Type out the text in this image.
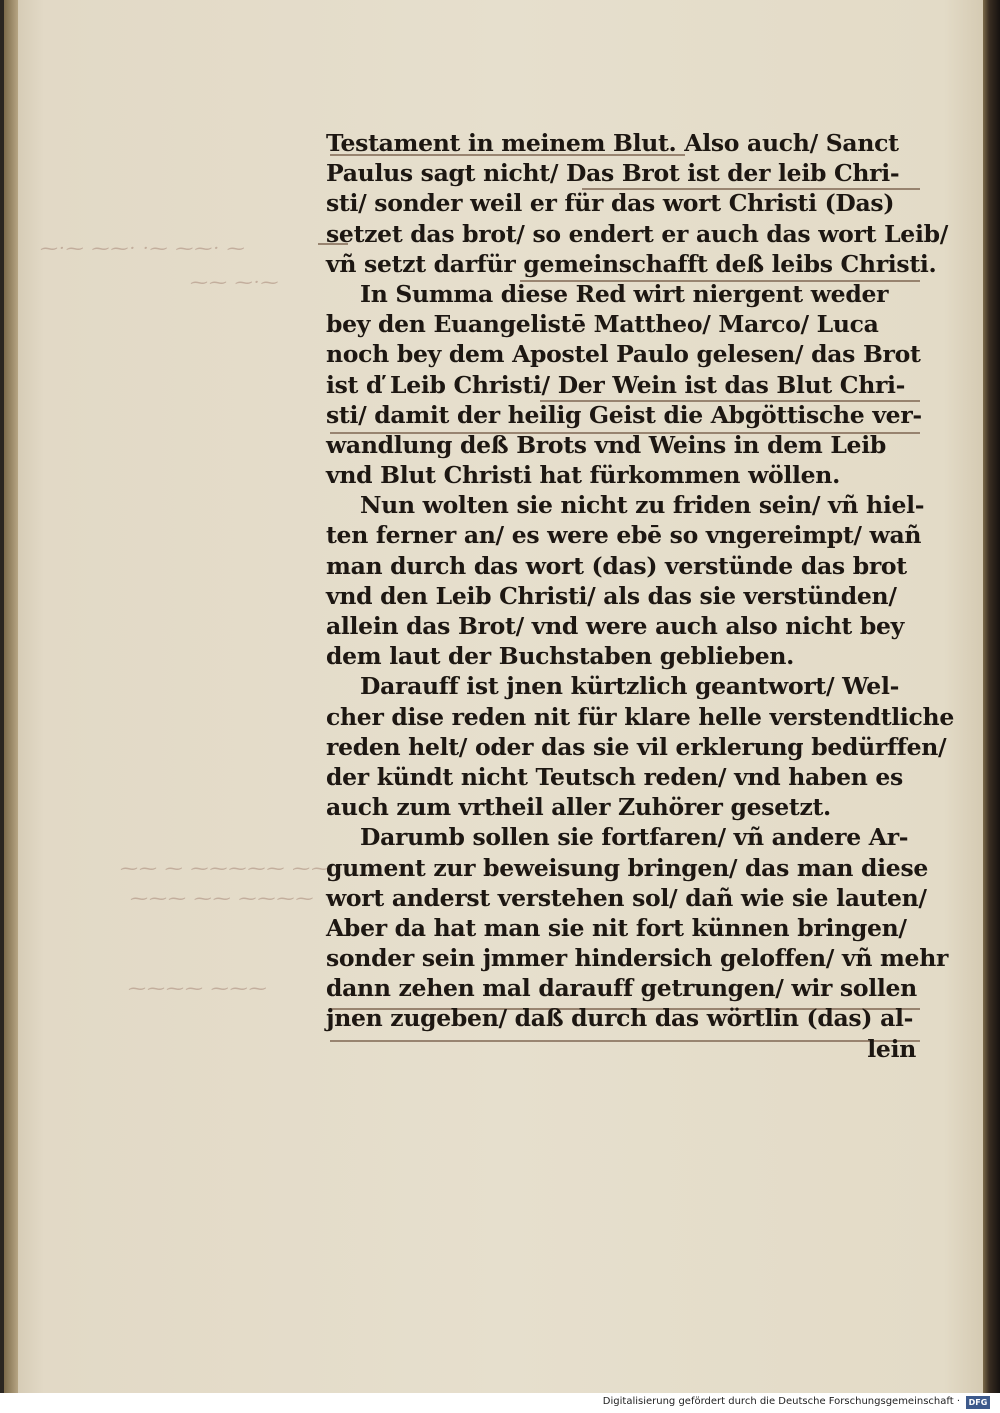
⁓·⁓ ⁓⁓· ·⁓ ⁓⁓· ⁓
⁓⁓ ⁓·⁓
⁓⁓ ⁓ ⁓⁓⁓⁓⁓ ⁓⁓
⁓⁓⁓ ⁓⁓ ⁓⁓⁓⁓
⁓⁓⁓⁓ ⁓⁓⁓
Testament in meinem Blut. Also auch/ Sanct
Paulus sagt nicht/ Das Brot ist der leib Chri-
sti/ sonder weil er für das wort Christi (Das)
setzet das brot/ so endert er auch das wort Leib/
vñ setzt darfür gemeinschafft deß leibs Christi.
In Summa diese Red wirt niergent weder
bey den Euangelistē Mattheo/ Marco/ Luca
noch bey dem Apostel Paulo gelesen/ das Brot
ist ď Leib Christi/ Der Wein ist das Blut Chri-
sti/ damit der heilig Geist die Abgöttische ver-
wandlung deß Brots vnd Weins in dem Leib
vnd Blut Christi hat fürkommen wöllen.
Nun wolten sie nicht zu friden sein/ vñ hiel-
ten ferner an/ es were ebē so vngereimpt/ wañ
man durch das wort (das) verstünde das brot
vnd den Leib Christi/ als das sie verstünden/
allein das Brot/ vnd were auch also nicht bey
dem laut der Buchstaben geblieben.
Darauff ist jnen kürtzlich geantwort/ Wel-
cher dise reden nit für klare helle verstendtliche
reden helt/ oder das sie vil erklerung bedürffen/
der kündt nicht Teutsch reden/ vnd haben es
auch zum vrtheil aller Zuhörer gesetzt.
Darumb sollen sie fortfaren/ vñ andere Ar-
gument zur beweisung bringen/ das man diese
wort anderst verstehen sol/ dañ wie sie lauten/
Aber da hat man sie nit fort künnen bringen/
sonder sein jmmer hindersich geloffen/ vñ mehr
dann zehen mal darauff getrungen/ wir sollen
jnen zugeben/ daß durch das wörtlin (das) al-
lein
Digitalisierung gefördert durch die Deutsche Forschungsgemeinschaft ·	DFG
